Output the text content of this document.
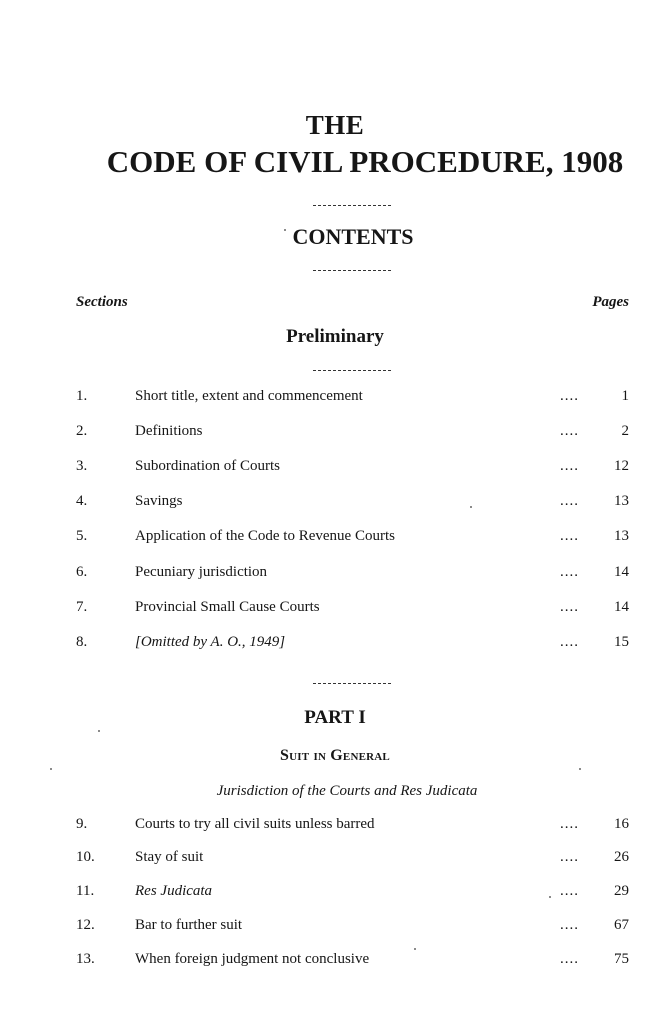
THE
CODE OF CIVIL PROCEDURE, 1908
CONTENTS
Sections	Pages
Preliminary
1.	Short title, extent and commencement	....	1
2.	Definitions	....	2
3.	Subordination of Courts	.... 12
4.	Savings	.... 13
5.	Application of the Code to Revenue Courts	.... 13
6.	Pecuniary jurisdiction	.... 14
7.	Provincial Small Cause Courts	.... 14
8.	[Omitted by A. O., 1949]	.... 15
PART I
Suit in General
Jurisdiction of the Courts and Res Judicata
9.	Courts to try all civil suits unless barred	.... 16
10.	Stay of suit	.... 26
11.	Res Judicata	.... 29
12.	Bar to further suit	.... 67
13.	When foreign judgment not conclusive	.... 75
